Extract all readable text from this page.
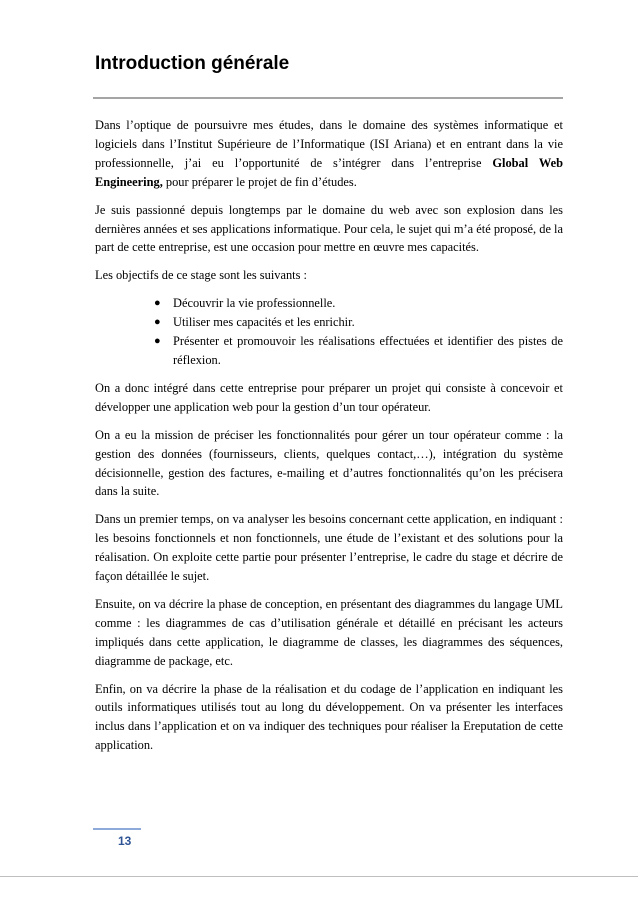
Introduction générale

Dans l’optique de poursuivre mes études, dans le domaine des systèmes informatique et logiciels dans l’Institut Supérieure de l’Informatique (ISI Ariana) et en entrant dans la vie professionnelle, j’ai eu l’opportunité de s’intégrer dans l’entreprise Global Web Engineering, pour préparer le projet de fin d’études.

Je suis passionné depuis longtemps par le domaine du web avec son explosion dans les dernières années et ses applications informatique. Pour cela, le sujet qui m’a été proposé, de la part de cette entreprise, est une occasion pour mettre en œuvre mes capacités.

Les objectifs de ce stage sont les suivants :

● Découvrir la vie professionnelle.
● Utiliser mes capacités et les enrichir.
● Présenter et promouvoir les réalisations effectuées et identifier des pistes de réflexion.

On a donc intégré dans cette entreprise pour préparer un projet qui consiste à concevoir et développer une application web pour la gestion d’un tour opérateur.

On a eu la mission de préciser les fonctionnalités pour gérer un tour opérateur comme : la gestion des données (fournisseurs, clients, quelques contact,…), intégration du système décisionnelle, gestion des factures, e-mailing et d’autres fonctionnalités qu’on les précisera dans la suite.

Dans un premier temps, on va analyser les besoins concernant cette application, en indiquant : les besoins fonctionnels et non fonctionnels, une étude de l’existant et des solutions pour la réalisation. On exploite cette partie pour présenter l’entreprise, le cadre du stage et décrire de façon détaillée le sujet.

Ensuite, on va décrire la phase de conception, en présentant des diagrammes du langage UML comme : les diagrammes de cas d’utilisation générale et détaillé en précisant les acteurs impliqués dans cette application, le diagramme de classes, les diagrammes des séquences, diagramme de package, etc.

Enfin, on va décrire la phase de la réalisation et du codage de l’application en indiquant les outils informatiques utilisés tout au long du développement. On va présenter les interfaces inclus dans l’application et on va indiquer des techniques pour réaliser la Ereputation de cette application.

13
